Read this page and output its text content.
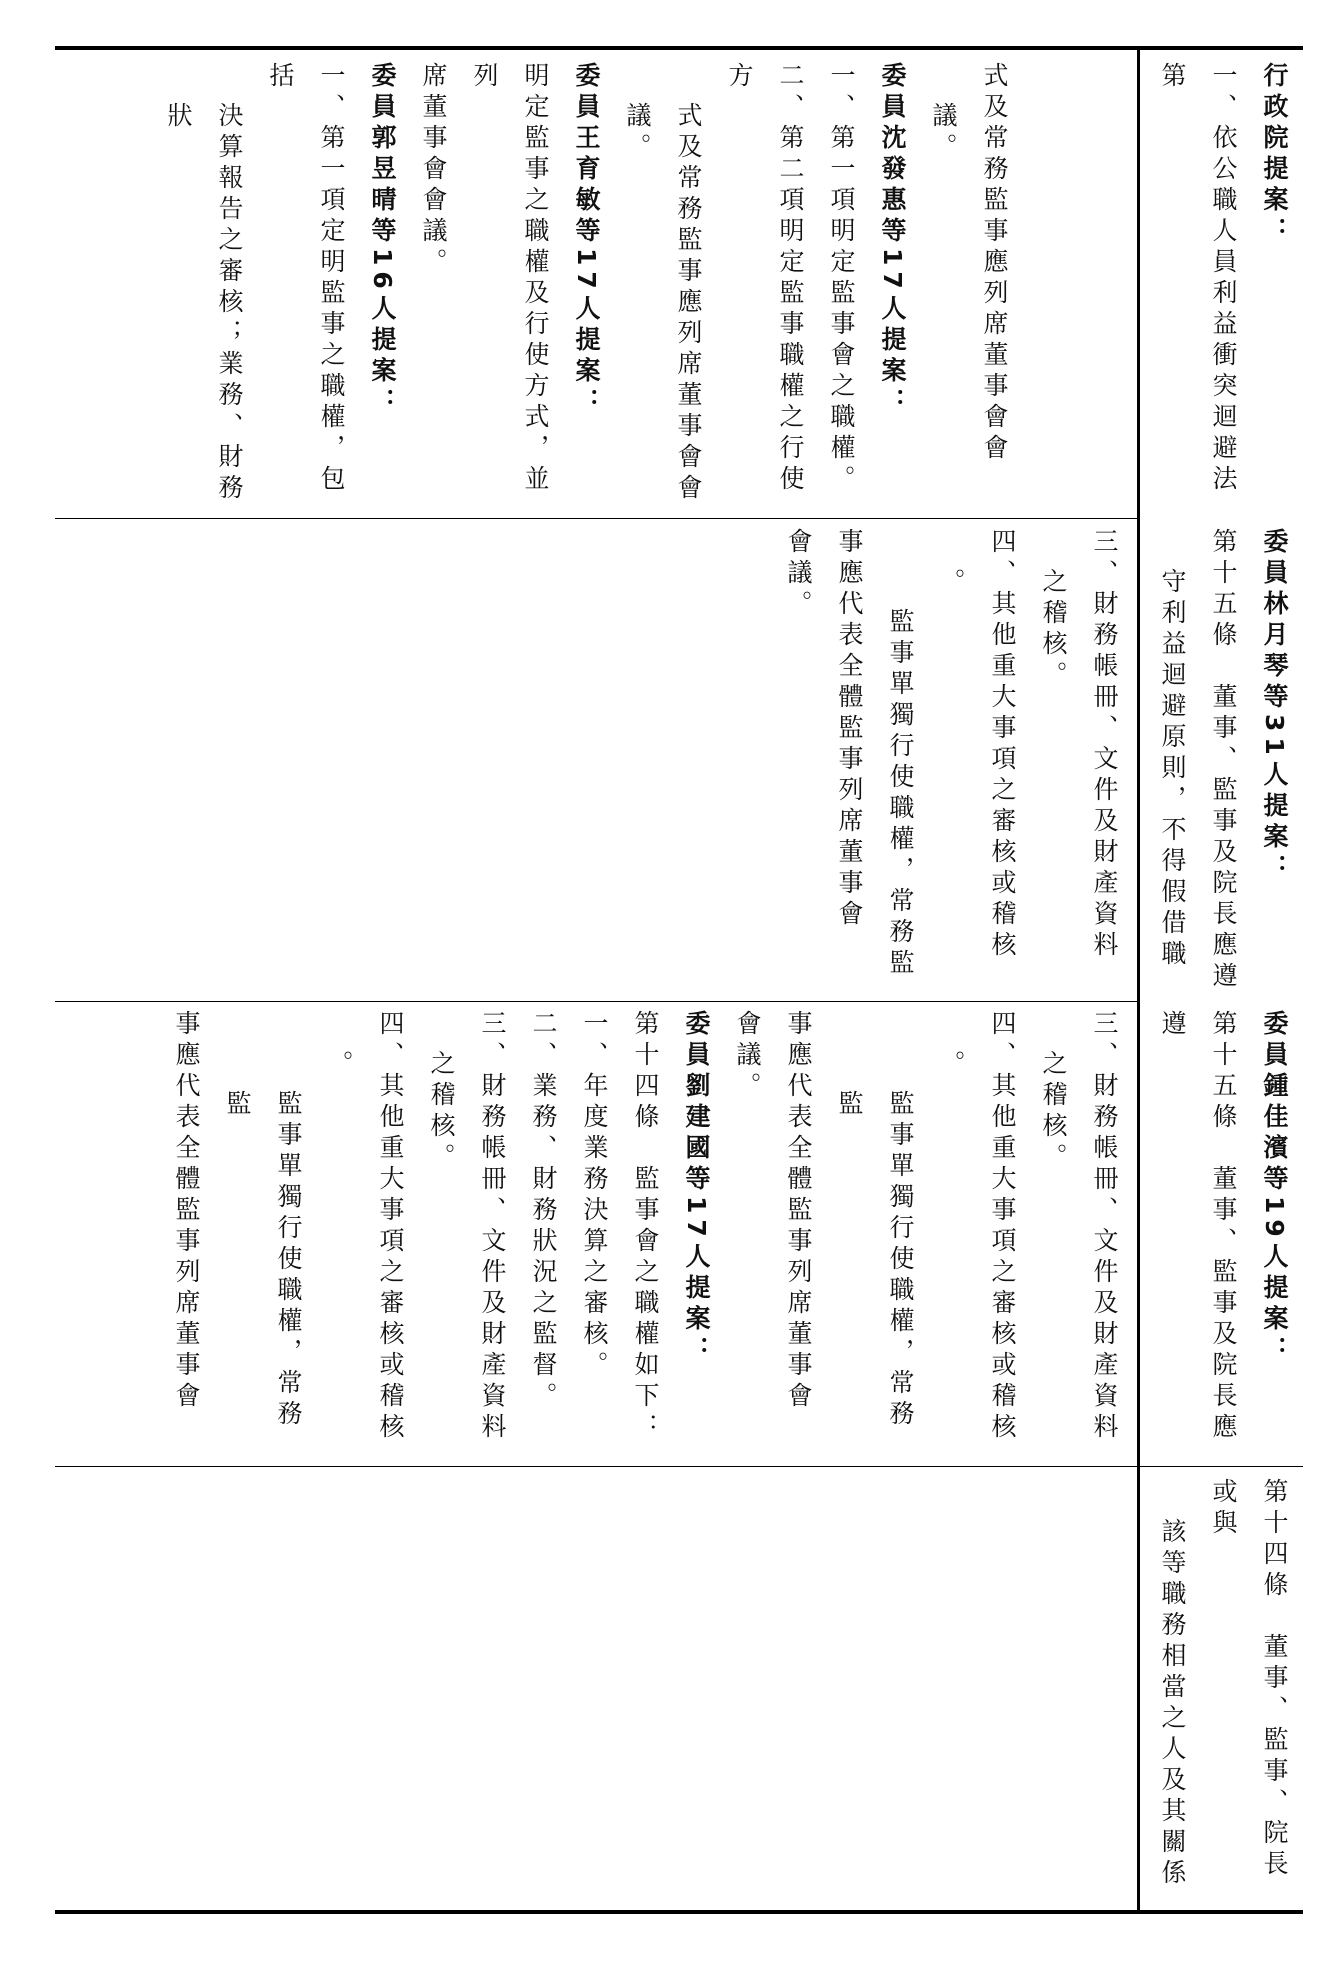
式及常務監事應列席董事會會

議。

委員沈發惠等17人提案：

一、第一項明定監事會之職權。

二、第二項明定監事職權之行使方

式及常務監事應列席董事會會

議。

委員王育敏等17人提案：

明定監事之職權及行使方式，並列

席董事會會議。

委員郭昱晴等16人提案：

一、第一項定明監事之職權，包括

決算報告之審核；業務、財務狀

三、財務帳冊、文件及財產資料

之稽核。

四、其他重大事項之審核或稽核

。

監事單獨行使職權，常務監

事應代表全體監事列席董事會

會議。

三、財務帳冊、文件及財產資料

之稽核。

四、其他重大事項之審核或稽核

。

監事單獨行使職權，常務監

事應代表全體監事列席董事會

會議。

委員劉建國等17人提案：

第十四條　監事會之職權如下：

一、年度業務決算之審核。

二、業務、財務狀況之監督。

三、財務帳冊、文件及財產資料

之稽核。

四、其他重大事項之審核或稽核

。

監事單獨行使職權，常務監

事應代表全體監事列席董事會

行政院提案：

一、依公職人員利益衝突迴避法第

委員林月琴等31人提案：

第十五條　董事、監事及院長應遵

守利益迴避原則，不得假借職

委員鍾佳濱等19人提案：

第十五條　董事、監事及院長應遵

第十四條　董事、監事、院長或與

該等職務相當之人及其關係
